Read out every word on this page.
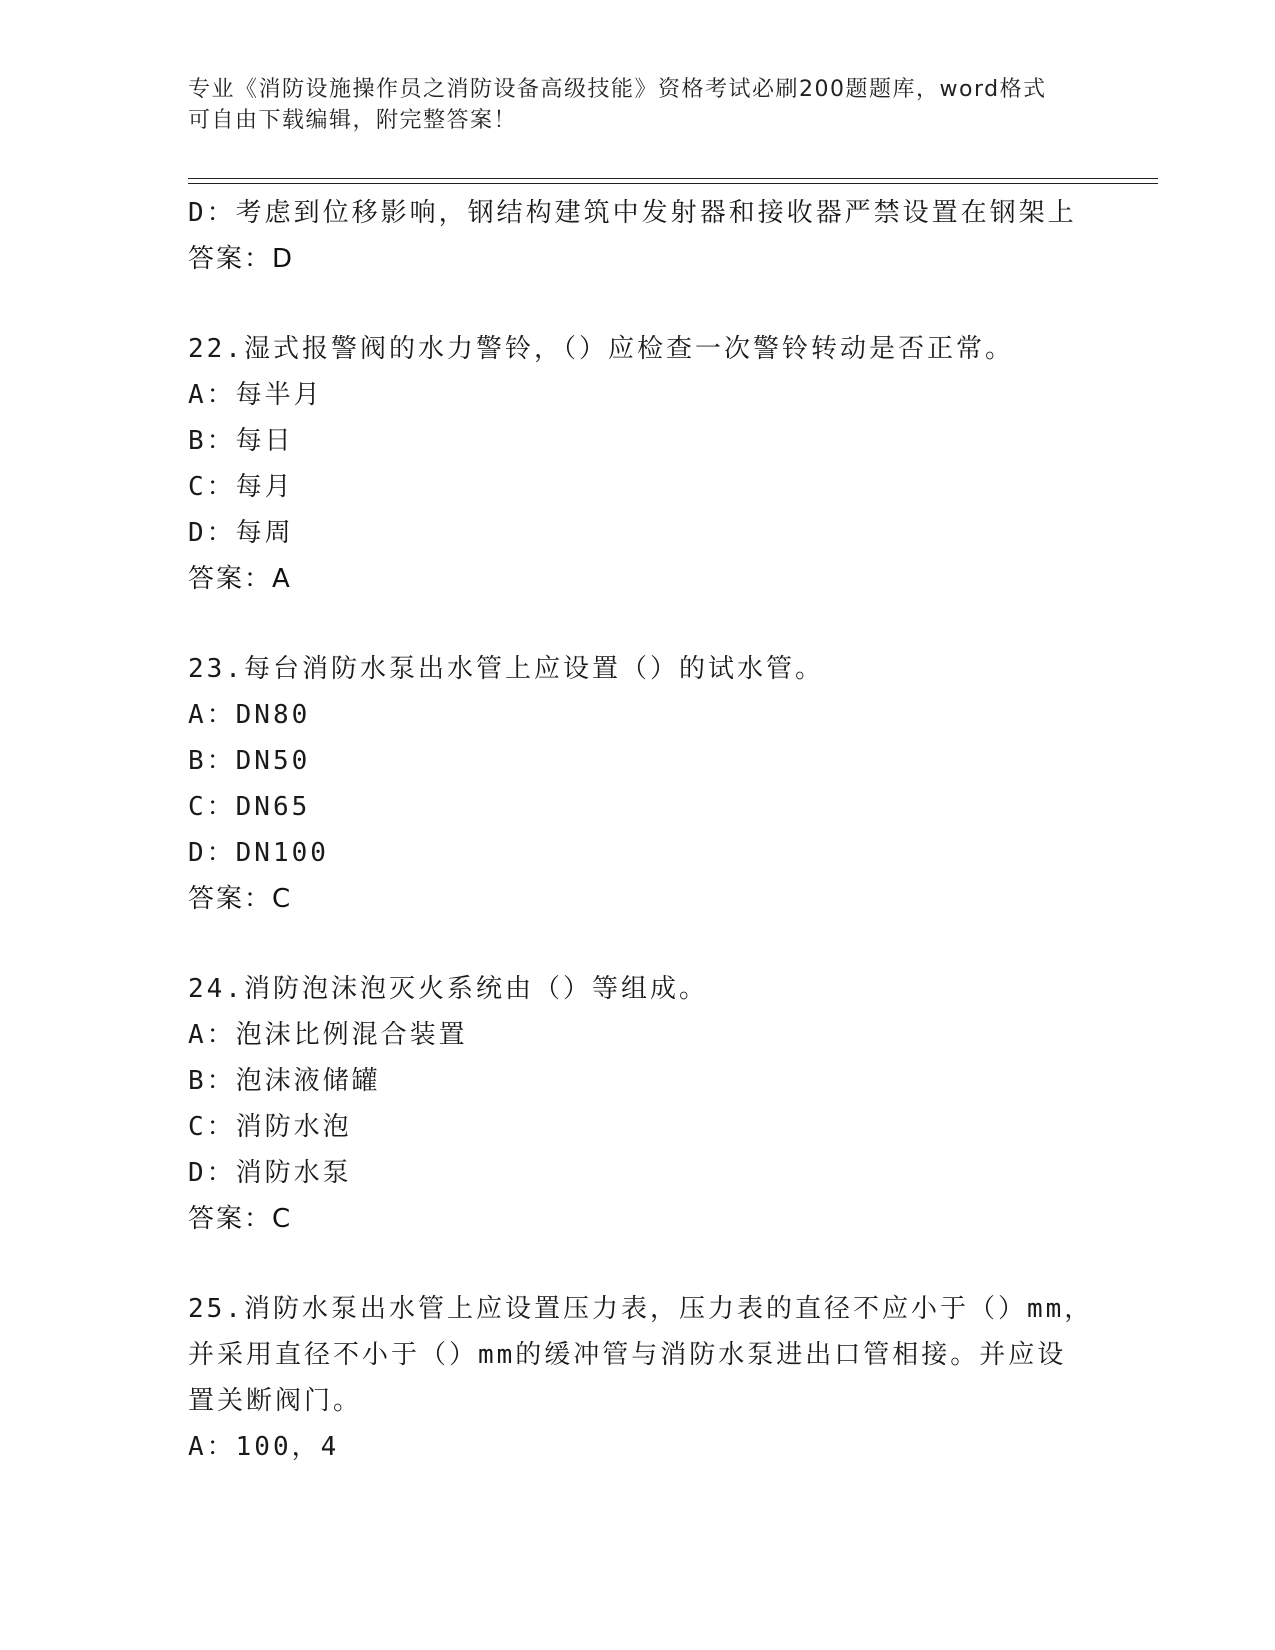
专业《消防设施操作员之消防设备高级技能》资格考试必刷200题题库，word格式可自由下载编辑，附完整答案！
D：考虑到位移影响，钢结构建筑中发射器和接收器严禁设置在钢架上
答案：D
22.湿式报警阀的水力警铃，（）应检查一次警铃转动是否正常。
A：每半月
B：每日
C：每月
D：每周
答案：A
23.每台消防水泵出水管上应设置（）的试水管。
A：DN80
B：DN50
C：DN65
D：DN100
答案：C
24.消防泡沫泡灭火系统由（）等组成。
A：泡沫比例混合装置
B：泡沫液储罐
C：消防水泡
D：消防水泵
答案：C
25.消防水泵出水管上应设置压力表，压力表的直径不应小于（）mm，
并采用直径不小于（）mm的缓冲管与消防水泵进出口管相接。并应设
置关断阀门。
A：100，4
